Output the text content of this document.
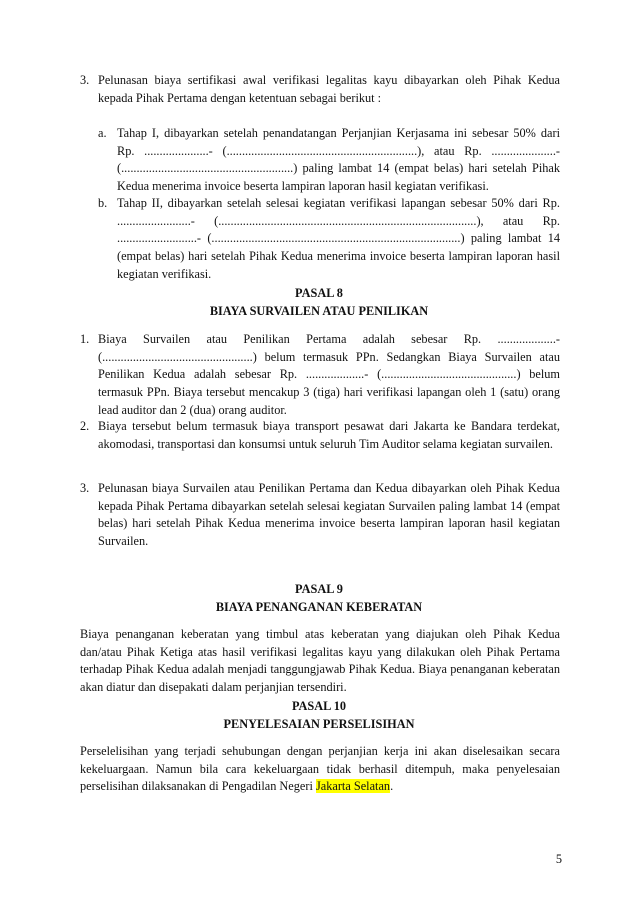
3. Pelunasan biaya sertifikasi awal verifikasi legalitas kayu dibayarkan oleh Pihak Kedua kepada Pihak Pertama dengan ketentuan sebagai berikut :
a. Tahap I, dibayarkan setelah penandatangan Perjanjian Kerjasama ini sebesar 50% dari Rp. .....................- (..............................................................), atau Rp. .....................- (........................................................) paling lambat 14 (empat belas) hari setelah Pihak Kedua menerima invoice beserta lampiran laporan hasil kegiatan verifikasi.
b. Tahap II, dibayarkan setelah selesai kegiatan verifikasi lapangan sebesar 50% dari Rp. ........................- (....................................................................................), atau Rp. ..........................- (.................................................................................) paling lambat 14 (empat belas) hari setelah Pihak Kedua menerima invoice beserta lampiran laporan hasil kegiatan verifikasi.
PASAL 8
BIAYA SURVAILEN ATAU PENILIKAN
1. Biaya Survailen atau Penilikan Pertama adalah sebesar Rp. ...................- (.................................................) belum termasuk PPn. Sedangkan Biaya Survailen atau Penilikan Kedua adalah sebesar Rp. ...................- (............................................) belum termasuk PPn. Biaya tersebut mencakup 3 (tiga) hari verifikasi lapangan oleh 1 (satu) orang lead auditor dan 2 (dua) orang auditor.
2. Biaya tersebut belum termasuk biaya transport pesawat dari Jakarta ke Bandara terdekat, akomodasi, transportasi dan konsumsi untuk seluruh Tim Auditor selama kegiatan survailen.
3. Pelunasan biaya Survailen atau Penilikan Pertama dan Kedua dibayarkan oleh Pihak Kedua kepada Pihak Pertama dibayarkan setelah selesai kegiatan Survailen paling lambat 14 (empat belas) hari setelah Pihak Kedua menerima invoice beserta lampiran laporan hasil kegiatan Survailen.
PASAL 9
BIAYA PENANGANAN KEBERATAN
Biaya penanganan keberatan yang timbul atas keberatan yang diajukan oleh Pihak Kedua dan/atau Pihak Ketiga atas hasil verifikasi legalitas kayu yang dilakukan oleh Pihak Pertama terhadap Pihak Kedua adalah menjadi tanggungjawab Pihak Kedua. Biaya penanganan keberatan akan diatur dan disepakati dalam perjanjian tersendiri.
PASAL 10
PENYELESAIAN PERSELISIHAN
Perselelisihan yang terjadi sehubungan dengan perjanjian kerja ini akan diselesaikan secara kekeluargaan. Namun bila cara kekeluargaan tidak berhasil ditempuh, maka penyelesaian perselisihan dilaksanakan di Pengadilan Negeri Jakarta Selatan.
5
